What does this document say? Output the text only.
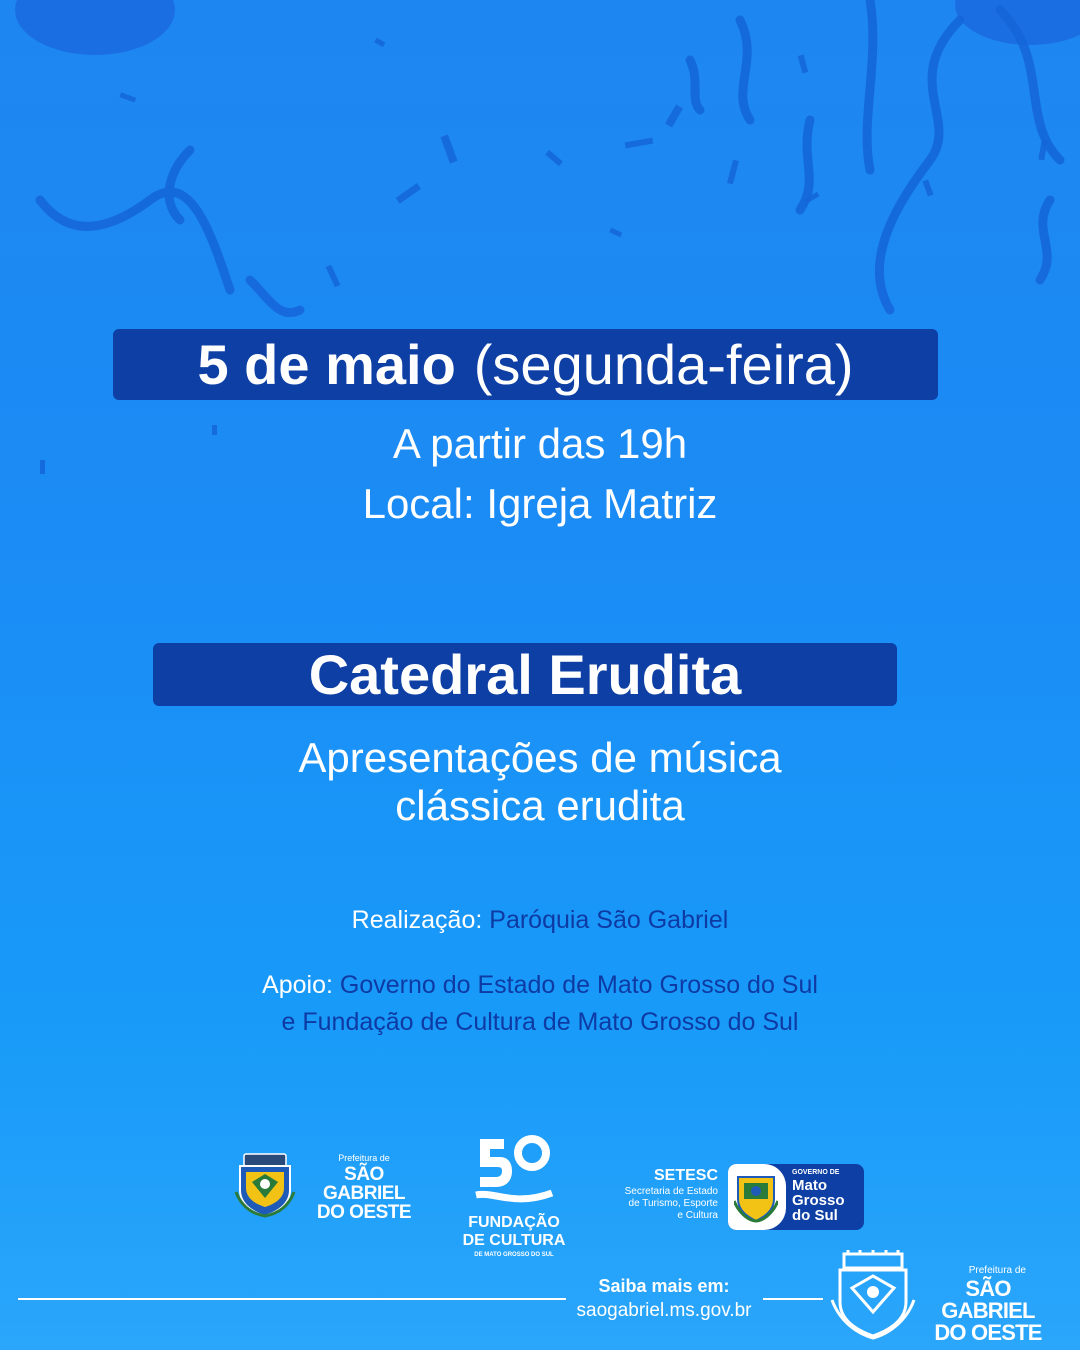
5 de maio (segunda-feira)
A partir das 19h
Local: Igreja Matriz
Catedral Erudita
Apresentações de música
clássica erudita
Realização: Paróquia São Gabriel
Apoio: Governo do Estado de Mato Grosso do Sul
e Fundação de Cultura de Mato Grosso do Sul
Prefeitura de
SÃO GABRIEL
DO OESTE	FUNDAÇÃO
DE CULTURA
DE MATO GROSSO DO SUL
SETESC
Secretaria de Estado
de Turismo, Esporte
e Cultura
GOVERNO DE
Mato
Grosso
do Sul
Saiba mais em:
saogabriel.ms.gov.br
Prefeitura de
SÃO GABRIEL
DO OESTE
